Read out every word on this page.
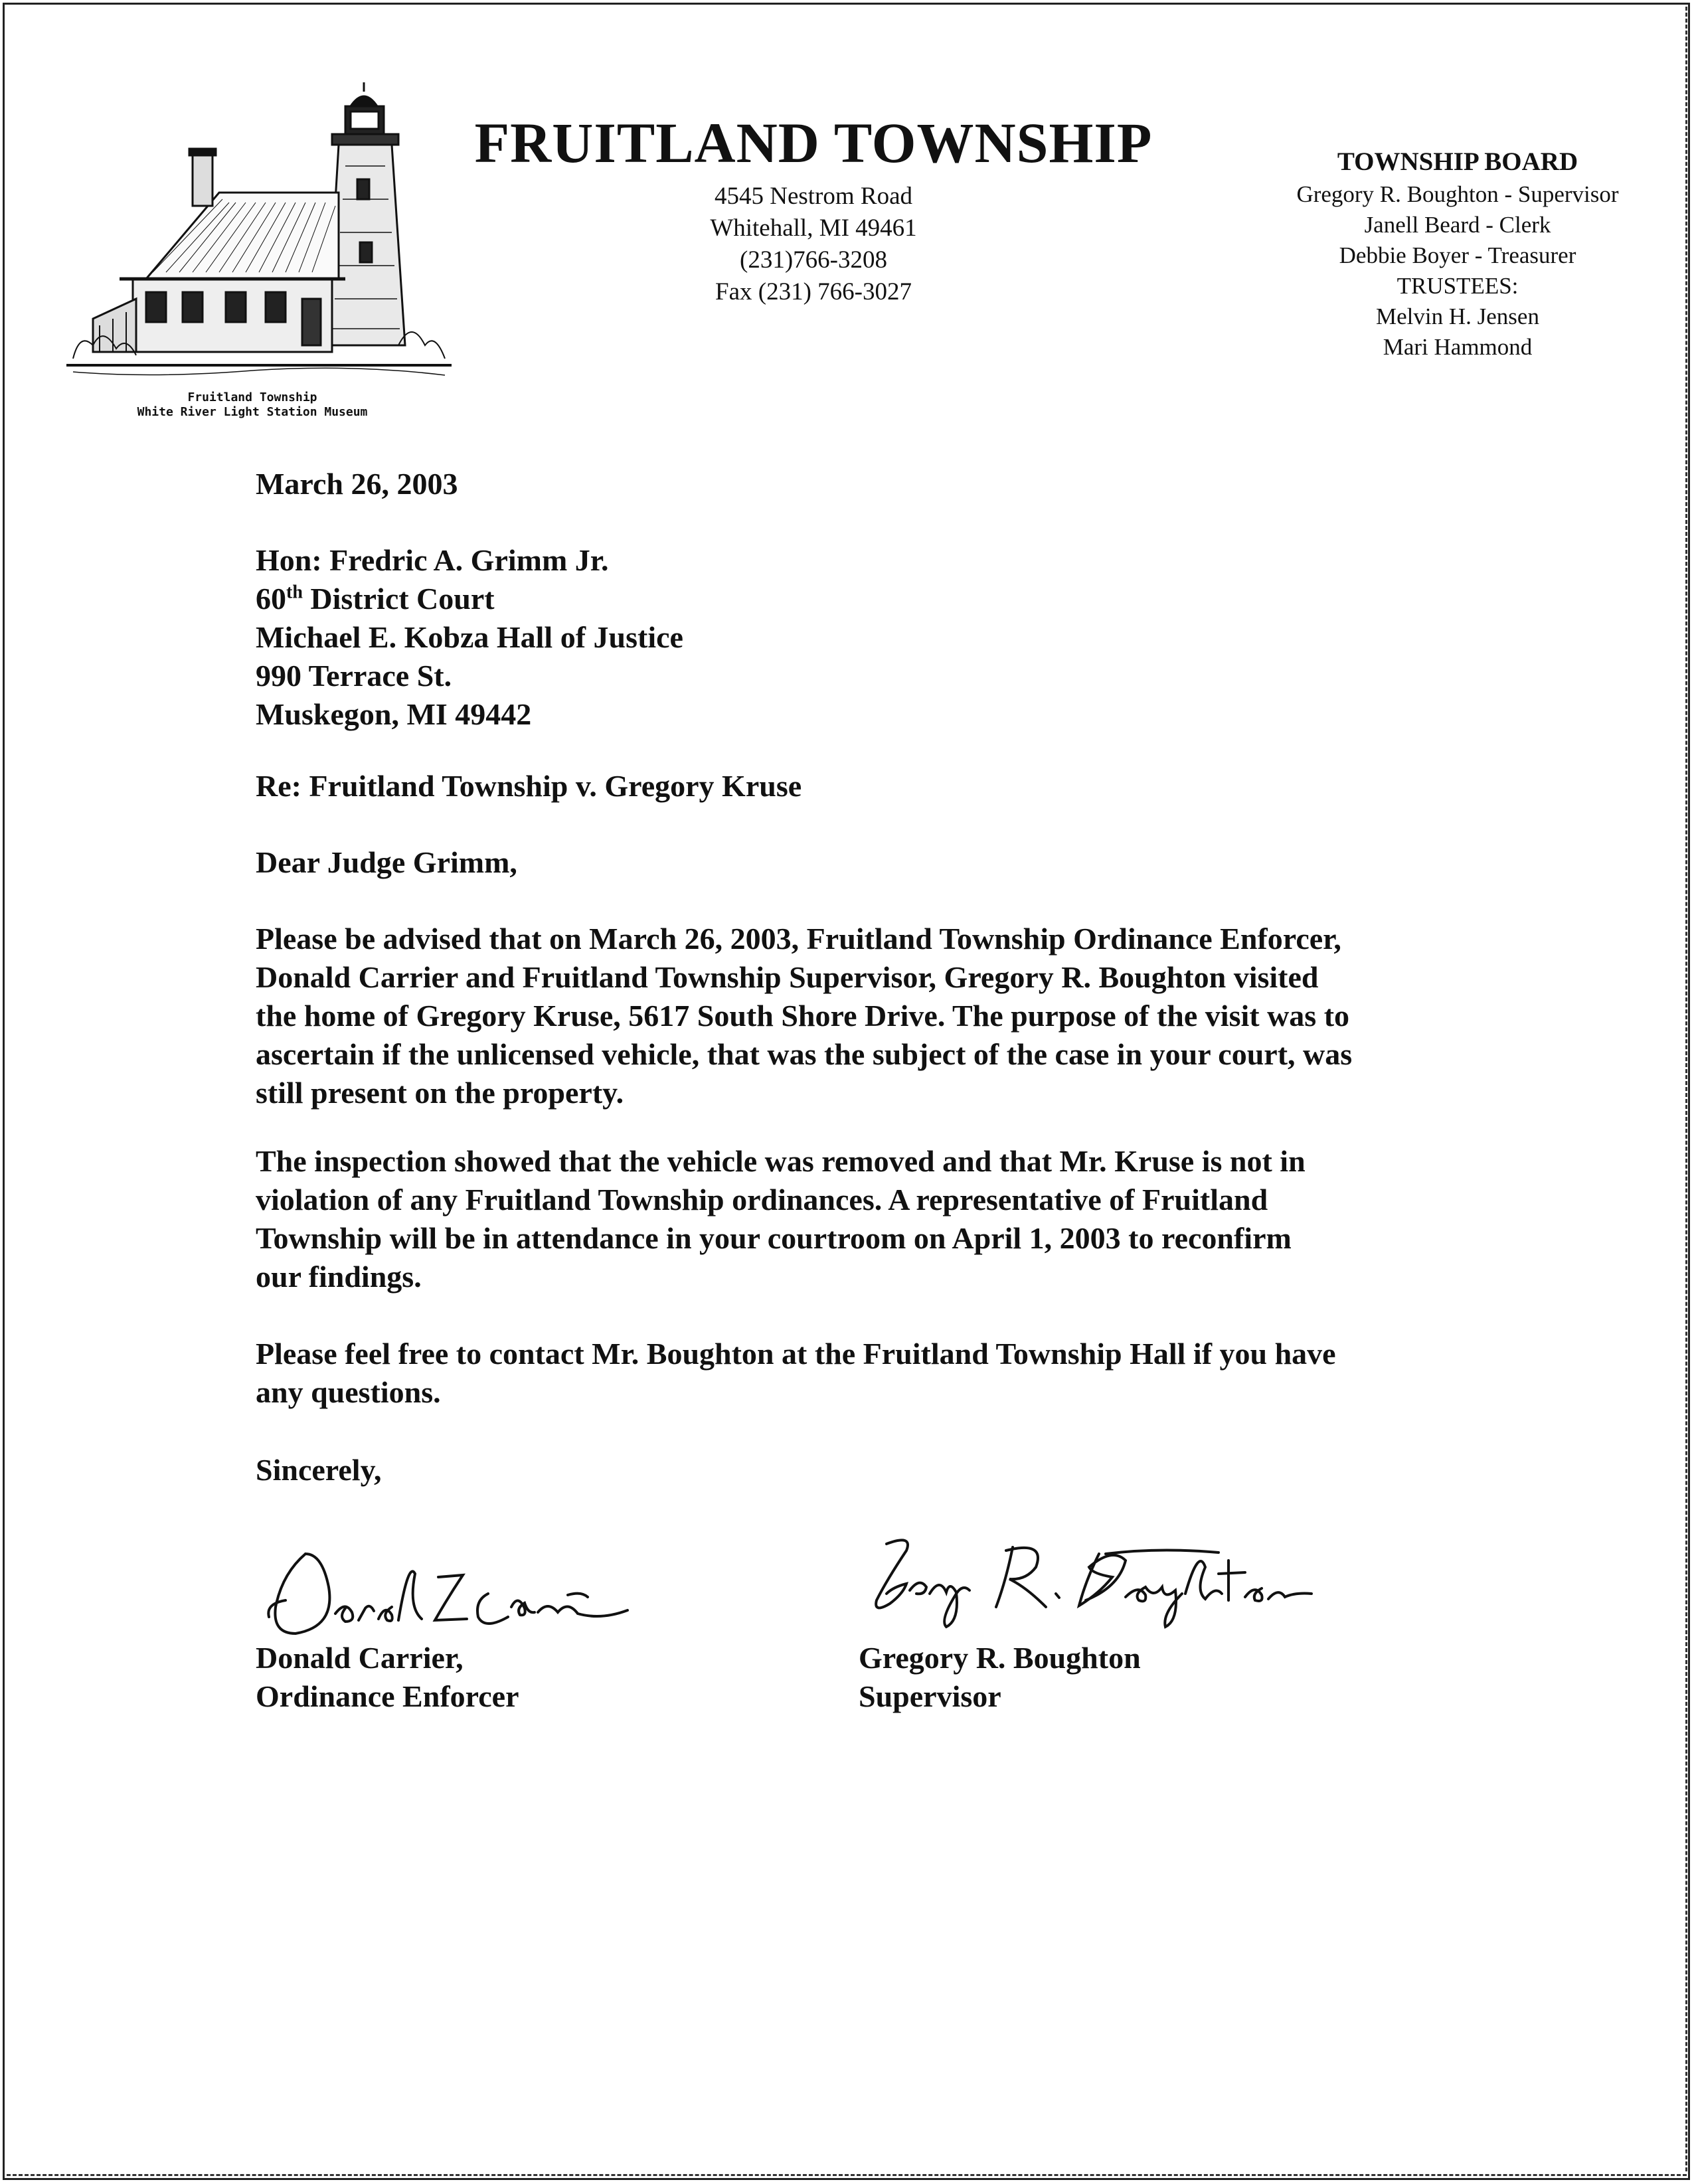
Fruitland Township
White River Light Station Museum
FRUITLAND TOWNSHIP
4545 Nestrom Road
Whitehall, MI 49461
(231)766-3208
Fax (231) 766-3027
TOWNSHIP BOARD
Gregory R. Boughton - Supervisor
Janell Beard - Clerk
Debbie Boyer - Treasurer
TRUSTEES:
Melvin H. Jensen
Mari Hammond
March 26, 2003
Hon: Fredric A. Grimm Jr.
60th District Court
Michael E. Kobza Hall of Justice
990 Terrace St.
Muskegon, MI 49442
Re: Fruitland Township v. Gregory Kruse
Dear Judge Grimm,
Please be advised that on March 26, 2003, Fruitland Township Ordinance Enforcer,
Donald Carrier and Fruitland Township Supervisor, Gregory R. Boughton visited
the home of Gregory Kruse, 5617 South Shore Drive. The purpose of the visit was to
ascertain if the unlicensed vehicle, that was the subject of the case in your court, was
still present on the property.
The inspection showed that the vehicle was removed and that Mr. Kruse is not in
violation of any Fruitland Township ordinances. A representative of Fruitland
Township will be in attendance in your courtroom on April 1, 2003 to reconfirm
our findings.
Please feel free to contact Mr. Boughton at the Fruitland Township Hall if you have
any questions.
Sincerely,
Donald Carrier,
Ordinance Enforcer
Gregory R. Boughton
Supervisor
